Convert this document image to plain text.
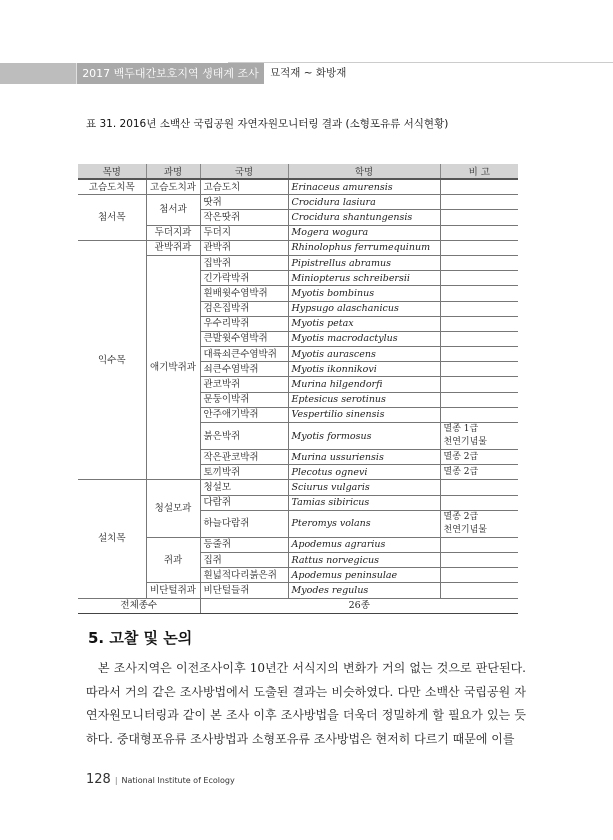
2017 백두대간보호지역 생태계 조사	묘적재 ~ 화방재
표 31. 2016년 소백산 국립공원 자연자원모니터링 결과 (소형포유류 서식현황)
목명	과명	국명	학명	비 고
고슴도치목	고슴도치과	고슴도치	Erinaceus amurensis	
첨서목	첨서과	땃쥐	Crocidura lasiura	
		작은땃쥐	Crocidura shantungensis	
	두더지과	두더지	Mogera wogura	
익수목	관박쥐과	관박쥐	Rhinolophus ferrumequinum	
	애기박쥐과	집박쥐	Pipistrellus abramus	
		긴가락박쥐	Miniopterus schreibersii	
		흰배윗수염박쥐	Myotis bombinus	
		검은집박쥐	Hypsugo alaschanicus	
		우수리박쥐	Myotis petax	
		큰발윗수염박쥐	Myotis macrodactylus	
		대륙쇠큰수염박쥐	Myotis aurascens	
		쇠큰수염박쥐	Myotis ikonnikovi	
		관코박쥐	Murina hilgendorfi	
		문둥이박쥐	Eptesicus serotinus	
		안주애기박쥐	Vespertilio sinensis	
		붉은박쥐	Myotis formosus	멸종 1급
천연기념물

		작은관코박쥐	Murina ussuriensis	멸종 2급

		토끼박쥐	Plecotus ognevi	멸종 2급

설치목	청설모과	청설모	Sciurus vulgaris	
		다람쥐	Tamias sibiricus	
		하늘다람쥐	Pteromys volans	멸종 2급
천연기념물

	쥐과	등줄쥐	Apodemus agrarius	
		집쥐	Rattus norvegicus	
		흰넓적다리붉은쥐	Apodemus peninsulae	
	비단털쥐과	비단털들쥐	Myodes regulus	
전체종수		26종		
5. 고찰 및 논의

본 조사지역은 이전조사이후 10년간 서식지의 변화가 거의 없는 것으로 판단된다. 따라서 거의 같은 조사방법에서 도출된 결과는 비슷하였다. 다만 소백산 국립공원 자연자원모니터링과 같이 본 조사 이후 조사방법을 더욱더 정밀하게 할 필요가 있는 듯하다. 중대형포유류 조사방법과 소형포유류 조사방법은 현저히 다르기 때문에 이를

128 | National Institute of Ecology
